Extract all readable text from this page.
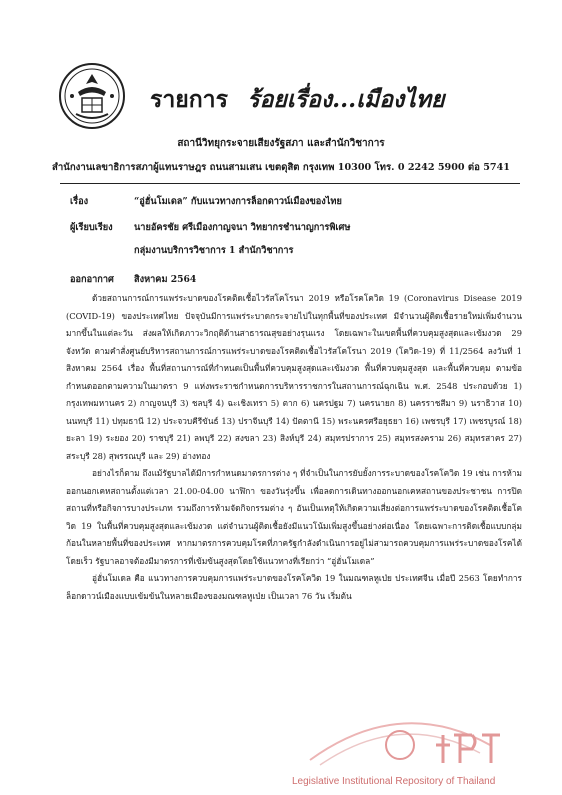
รายการ ร้อยเรื่อง...เมืองไทย
สถานีวิทยุกระจายเสียงรัฐสภา และสำนักวิชาการ
สำนักงานเลขาธิการสภาผู้แทนราษฎร ถนนสามเสน เขตดุสิต กรุงเทพ 10300 โทร. 0 2242 5900 ต่อ 5741
เรื่อง	“อู่ฮั่นโมเดล” กับแนวทางการล็อกดาวน์เมืองของไทย
ผู้เรียบเรียง นายอัครชัย ศรีเมืองกาญจนา วิทยากรชำนาญการพิเศษ
กลุ่มงานบริการวิชาการ 1 สำนักวิชาการ
ออกอากาศ สิงหาคม 2564

ด้วยสถานการณ์การแพร่ระบาดของโรคติดเชื้อไวรัสโคโรนา 2019 หรือโรคโควิด 19 (Coronavirus Disease 2019 (COVID-19) ของประเทศไทย ปัจจุบันมีการแพร่ระบาดกระจายไปในทุกพื้นที่ของประเทศ มีจำนวนผู้ติดเชื้อรายใหม่เพิ่มจำนวนมากขึ้นในแต่ละวัน ส่งผลให้เกิดภาวะวิกฤติด้านสาธารณสุขอย่างรุนแรง โดยเฉพาะในเขตพื้นที่ควบคุมสูงสุดและเข้มงวด 29 จังหวัด ตามคำสั่งศูนย์บริหารสถานการณ์การแพร่ระบาดของโรคติดเชื้อไวรัสโคโรนา 2019 (โควิด-19) ที่ 11/2564 ลงวันที่ 1 สิงหาคม 2564 เรื่อง พื้นที่สถานการณ์ที่กำหนดเป็นพื้นที่ควบคุมสูงสุดและเข้มงวด พื้นที่ควบคุมสูงสุด และพื้นที่ควบคุม ตามข้อกำหนดออกตามความในมาตรา 9 แห่งพระราชกำหนดการบริหารราชการในสถานการณ์ฉุกเฉิน พ.ศ. 2548 ประกอบด้วย 1) กรุงเทพมหานคร 2) กาญจนบุรี 3) ชลบุรี 4) ฉะเชิงเทรา 5) ตาก 6) นครปฐม 7) นครนายก 8) นครราชสีมา 9) นราธิวาส 10) นนทบุรี 11) ปทุมธานี 12) ประจวบคีรีขันธ์ 13) ปราจีนบุรี 14) ปัตตานี 15) พระนครศรีอยุธยา 16) เพชรบุรี 17) เพชรบูรณ์ 18) ยะลา 19) ระยอง 20) ราชบุรี 21) ลพบุรี 22) สงขลา 23) สิงห์บุรี 24) สมุทรปราการ 25) สมุทรสงคราม 26) สมุทรสาคร 27) สระบุรี 28) สุพรรณบุรี และ 29) อ่างทอง

อย่างไรก็ตาม ถึงแม้รัฐบาลได้มีการกำหนดมาตรการต่าง ๆ ที่จำเป็นในการยับยั้งการระบาดของโรคโควิด 19 เช่น การห้ามออกนอกเคหสถานตั้งแต่เวลา 21.00-04.00 นาฬิกา ของวันรุ่งขึ้น เพื่อลดการเดินทางออกนอกเคหสถานของประชาชน การปิดสถานที่หรือกิจการบางประเภท รวมถึงการห้ามจัดกิจกรรมต่าง ๆ อันเป็นเหตุให้เกิดความเสี่ยงต่อการแพร่ระบาดของโรคติดเชื้อโควิด 19 ในพื้นที่ควบคุมสูงสุดและเข้มงวด แต่จำนวนผู้ติดเชื้อยังมีแนวโน้มเพิ่มสูงขึ้นอย่างต่อเนื่อง โดยเฉพาะการติดเชื้อแบบกลุ่มก้อนในหลายพื้นที่ของประเทศ หากมาตรการควบคุมโรคที่ภาครัฐกำลังดำเนินการอยู่ไม่สามารถควบคุมการแพร่ระบาดของโรคได้โดยเร็ว รัฐบาลอาจต้องมีมาตรการที่เข้มข้นสูงสุดโดยใช้แนวทางที่เรียกว่า “อู่ฮั่นโมเดล”

อู่ฮั่นโมเดล คือ แนวทางการควบคุมการแพร่ระบาดของโรคโควิด 19 ในมณฑลหูเป่ย ประเทศจีน เมื่อปี 2563 โดยทำการล็อกดาวน์เมืองแบบเข้มข้นในหลายเมืองของมณฑลหูเป่ย เป็นเวลา 76 วัน เริ่มต้น

Legislative Institutional Repository of Thailand
